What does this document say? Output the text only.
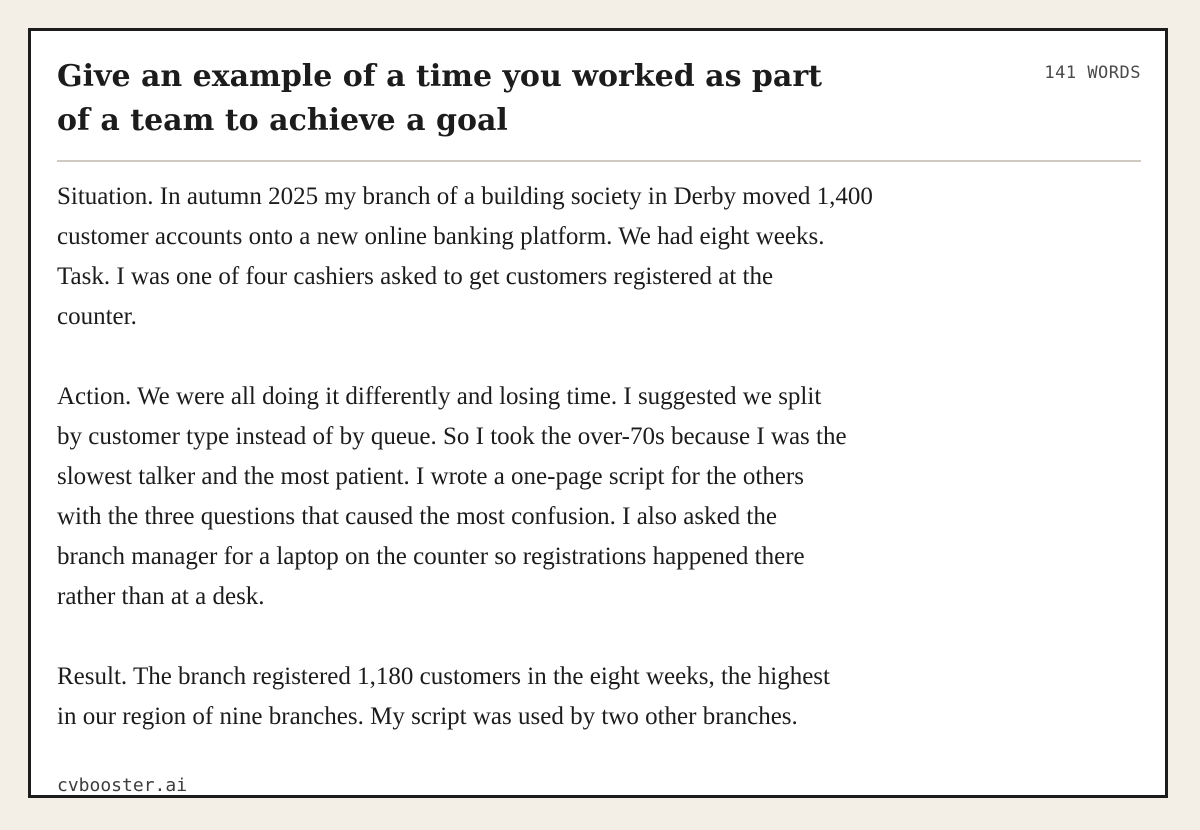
Give an example of a time you worked as part
of a team to achieve a goal
141 WORDS

Situation. In autumn 2025 my branch of a building society in Derby moved 1,400
customer accounts onto a new online banking platform. We had eight weeks.
Task. I was one of four cashiers asked to get customers registered at the
counter.

Action. We were all doing it differently and losing time. I suggested we split
by customer type instead of by queue. So I took the over-70s because I was the
slowest talker and the most patient. I wrote a one-page script for the others
with the three questions that caused the most confusion. I also asked the
branch manager for a laptop on the counter so registrations happened there
rather than at a desk.

Result. The branch registered 1,180 customers in the eight weeks, the highest
in our region of nine branches. My script was used by two other branches.

cvbooster.ai
